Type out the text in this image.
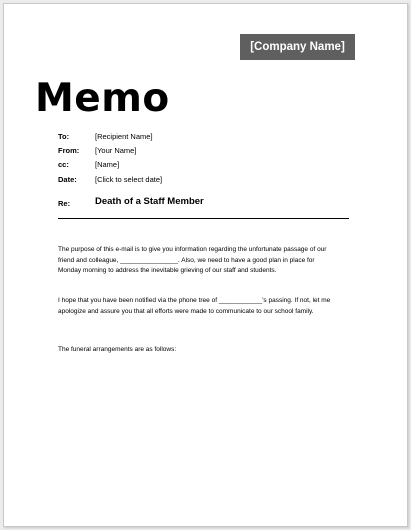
[Company Name]
Memo
To:	[Recipient Name]
From: [Your Name]
cc:	[Name]
Date: [Click to select date]
Re:	Death of a Staff Member
The purpose of this e-mail is to give you information regarding the unfortunate passage of our
friend and colleague, ________________. Also, we need to have a good plan in place for
Monday morning to address the inevitable grieving of our staff and students.
I hope that you have been notified via the phone tree of ____________'s passing. If not, let me
apologize and assure you that all efforts were made to communicate to our school family.
The funeral arrangements are as follows:
